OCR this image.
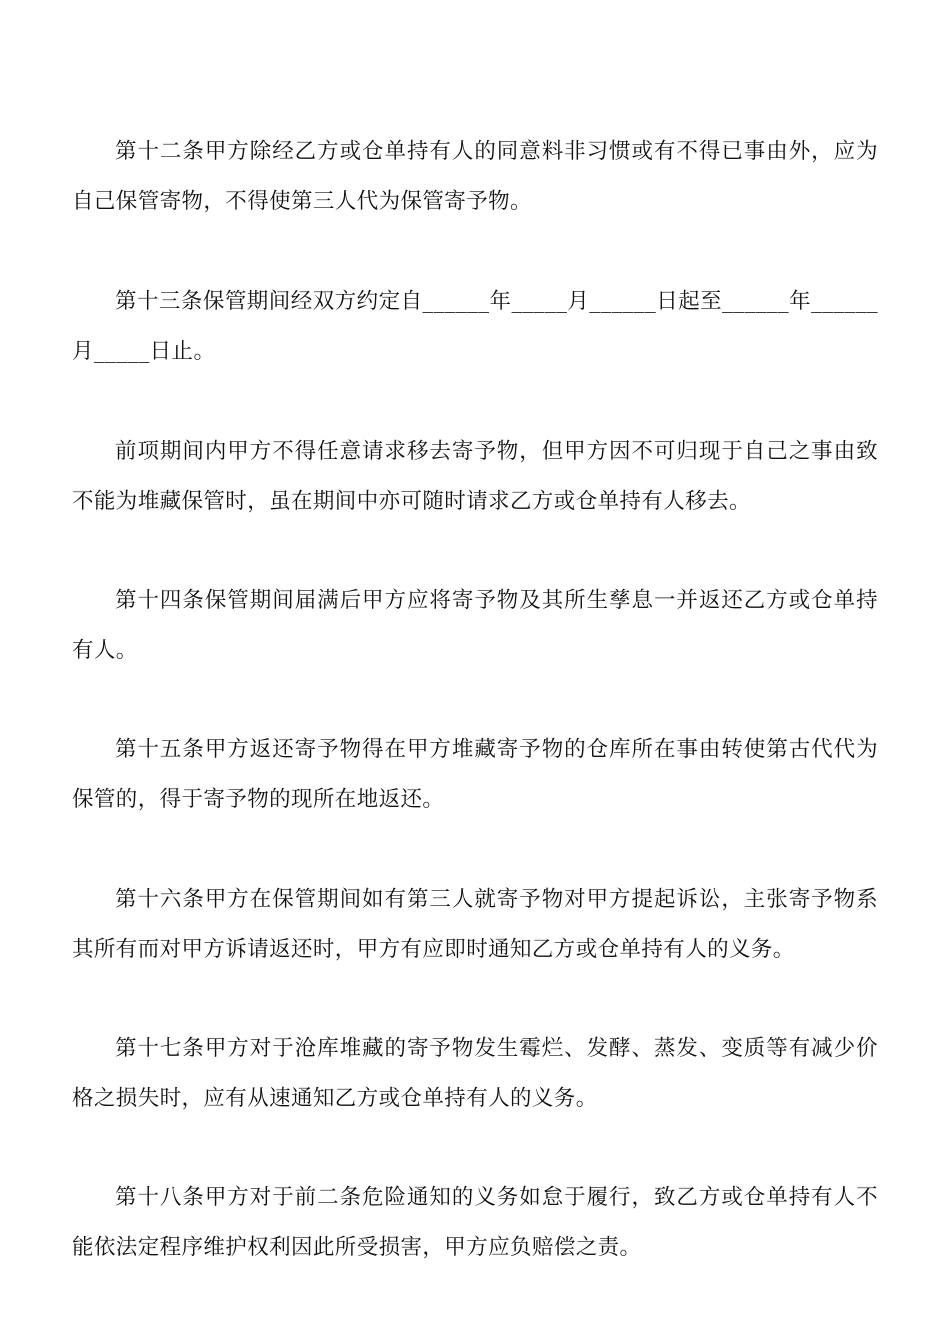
第十二条甲方除经乙方或仓单持有人的同意料非习惯或有不得已事由外，应为自己保管寄物，不得使第三人代为保管寄予物。

第十三条保管期间经双方约定自______年_____月______日起至______年______月_____日止。

前项期间内甲方不得任意请求移去寄予物，但甲方因不可归现于自己之事由致不能为堆藏保管时，虽在期间中亦可随时请求乙方或仓单持有人移去。

第十四条保管期间届满后甲方应将寄予物及其所生孳息一并返还乙方或仓单持有人。

第十五条甲方返还寄予物得在甲方堆藏寄予物的仓库所在事由转使第古代代为保管的，得于寄予物的现所在地返还。

第十六条甲方在保管期间如有第三人就寄予物对甲方提起诉讼，主张寄予物系其所有而对甲方诉请返还时，甲方有应即时通知乙方或仓单持有人的义务。

第十七条甲方对于沧库堆藏的寄予物发生霉烂、发酵、蒸发、变质等有减少价格之损失时，应有从速通知乙方或仓单持有人的义务。

第十八条甲方对于前二条危险通知的义务如怠于履行，致乙方或仓单持有人不能依法定程序维护权利因此所受损害，甲方应负赔偿之责。
